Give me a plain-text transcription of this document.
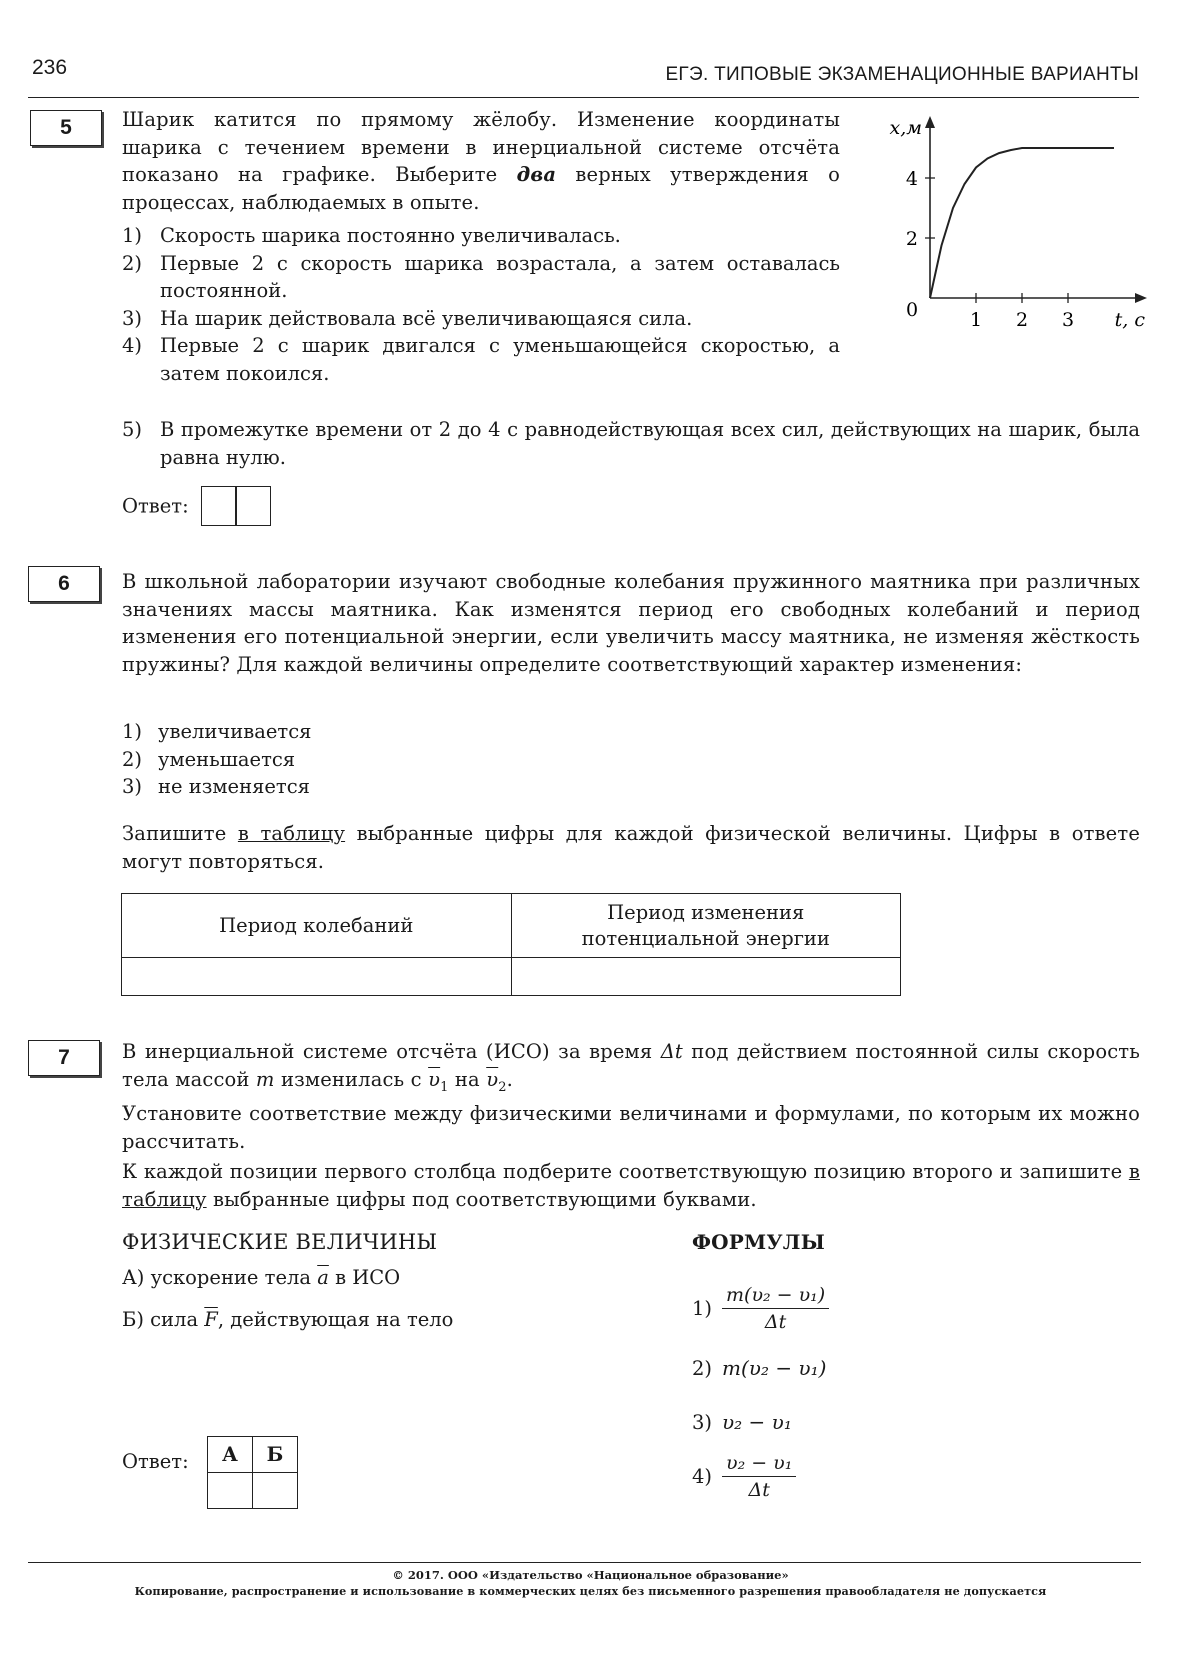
236	ЕГЭ. ТИПОВЫЕ ЭКЗАМЕНАЦИОННЫЕ ВАРИАНТЫ
5	Шарик катится по прямому жёлобу. Изменение координаты шарика с течением времени в инерциальной системе отсчёта показано на графике. Выберите два верных утверждения о процессах, наблюдаемых в опыте.
1) Скорость шарика постоянно увеличивалась.
2) Первые 2 с скорость шарика возрастала, а затем оставалась постоянной.
3) На шарик действовала всё увеличивающаяся сила.
4) Первые 2 с шарик двигался с уменьшающейся скоростью, а затем покоился.
5) В промежутке времени от 2 до 4 с равнодействующая всех сил, действующих на шарик, была равна нулю.
Ответ:
1 2 3
2
4
0
x,м
t, c
6	В школьной лаборатории изучают свободные колебания пружинного маятника при различных значениях массы маятника. Как изменятся период его свободных колебаний и период изменения его потенциальной энергии, если увеличить массу маятника, не изменяя жёсткость пружины? Для каждой величины определите соответствующий характер изменения:
1) увеличивается
2) уменьшается
3) не изменяется
Запишите в таблицу выбранные цифры для каждой физической величины. Цифры в ответе могут повторяться.
Период колебаний	Период изменения
потенциальной энергии

7	В инерциальной системе отсчёта (ИСО) за время Δt под действием постоянной силы скорость тела массой m изменилась с $\overline{\upsilon}_1$ на $\overline{\upsilon}_2$.
Установите соответствие между физическими величинами и формулами, по которым их можно рассчитать.
К каждой позиции первого столбца подберите соответствующую позицию второго и запишите в таблицу выбранные цифры под соответствующими буквами.
ФИЗИЧЕСКИЕ ВЕЛИЧИНЫ	ФОРМУЛЫ
А) ускорение тела $\overline{a}$ в ИСО
Б) сила $\overline{F}$, действующая на тело	$1) \frac{\text{m(υ₂ − υ₁)}}{\Delta t}$
2) m(υ₂ − υ₁)
3) υ₂ − υ₁
$4) \frac{\text{υ₂ − υ₁}}{\Delta t}$
Ответ: А	Б

© 2017. ООО «Издательство «Национальное образование»
Копирование, распространение и использование в коммерческих целях без письменного разрешения правообладателя не допускается
